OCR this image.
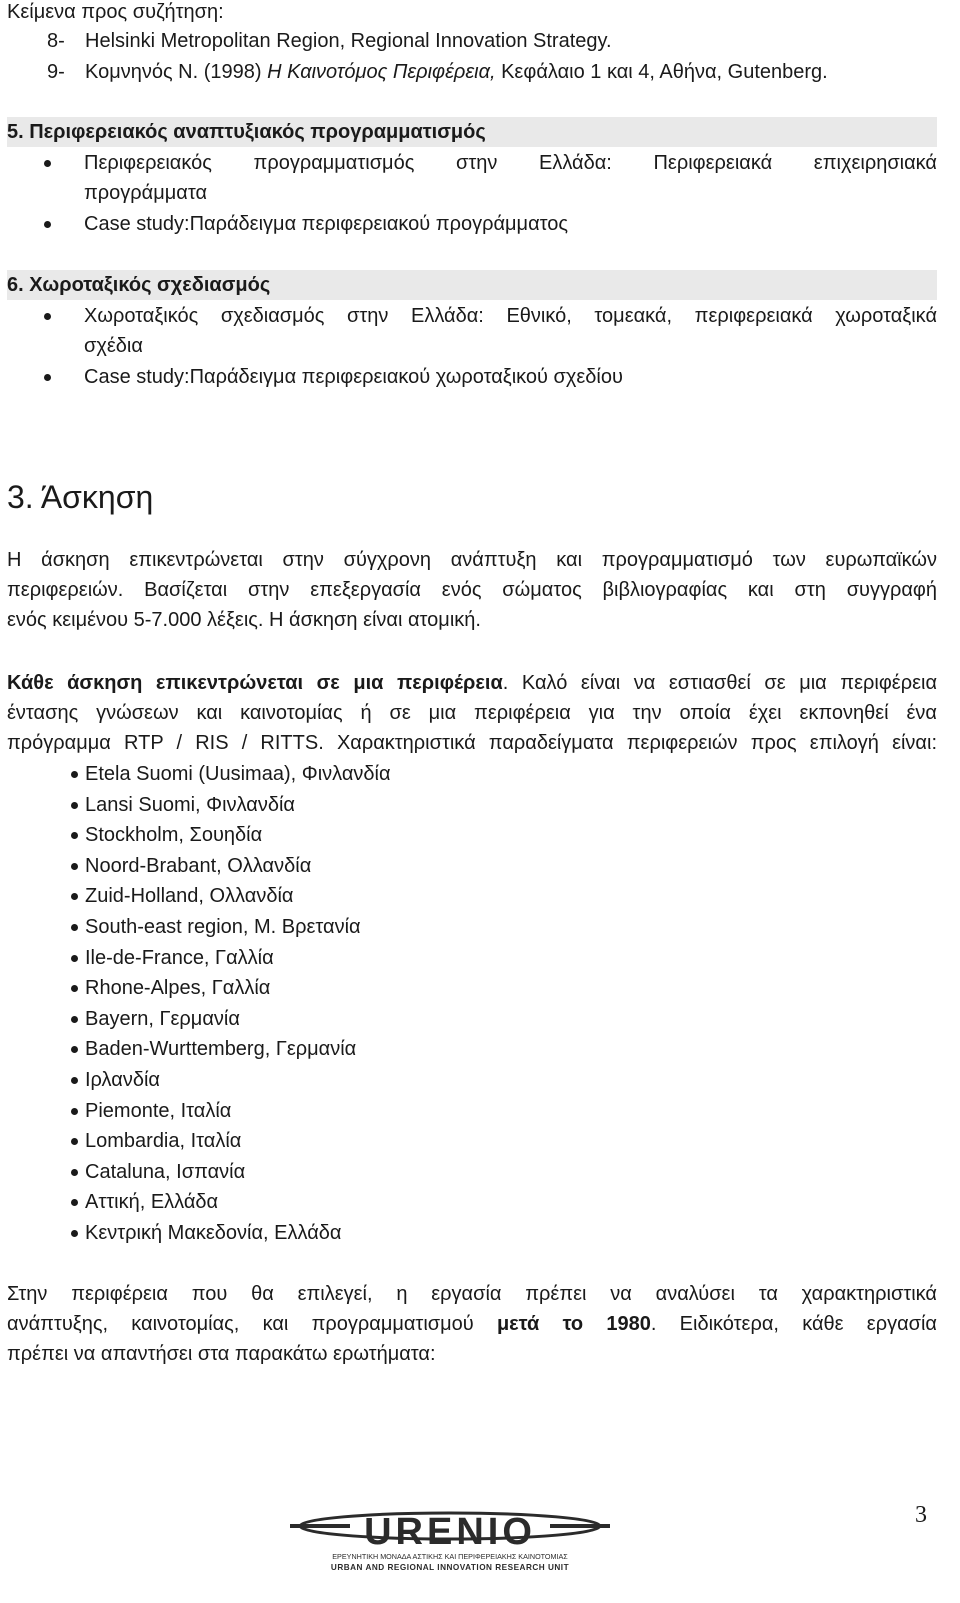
Κείμενα προς συζήτηση:
8- Helsinki Metropolitan Region, Regional Innovation Strategy.
9- Κομνηνός Ν. (1998) Η Καινοτόμος Περιφέρεια, Κεφάλαιο 1 και 4, Αθήνα, Gutenberg.
5. Περιφερειακός αναπτυξιακός προγραμματισμός
Περιφερειακός προγραμματισμός στην Ελλάδα: Περιφερειακά επιχειρησιακά
προγράμματα
Case study:Παράδειγμα περιφερειακού προγράμματος
6. Χωροταξικός σχεδιασμός
Χωροταξικός σχεδιασμός στην Ελλάδα: Εθνικό, τομεακά, περιφερειακά χωροταξικά
σχέδια
Case study:Παράδειγμα περιφερειακού χωροταξικού σχεδίου
3. Άσκηση
Η άσκηση επικεντρώνεται στην σύγχρονη ανάπτυξη και προγραμματισμό των ευρωπαϊκών
περιφερειών. Βασίζεται στην επεξεργασία ενός σώματος βιβλιογραφίας και στη συγγραφή
ενός κειμένου 5-7.000 λέξεις. Η άσκηση είναι ατομική.
Κάθε άσκηση επικεντρώνεται σε μια περιφέρεια. Καλό είναι να εστιασθεί σε μια περιφέρεια
έντασης γνώσεων και καινοτομίας ή σε μια περιφέρεια για την οποία έχει εκπονηθεί ένα
πρόγραμμα RTP / RIS / RITTS. Χαρακτηριστικά παραδείγματα περιφερειών προς επιλογή είναι:
Etela Suomi (Uusimaa), Φινλανδία
Lansi Suomi, Φινλανδία
Stockholm, Σουηδία
Noord-Brabant, Ολλανδία
Zuid-Holland, Ολλανδία
South-east region, Μ. Βρετανία
Ile-de-France, Γαλλία
Rhone-Alpes, Γαλλία
Bayern, Γερμανία
Baden-Wurttemberg, Γερμανία
Ιρλανδία
Piemonte, Ιταλία
Lombardia, Ιταλία
Cataluna, Ισπανία
Αττική, Ελλάδα
Κεντρική Μακεδονία, Ελλάδα
Στην περιφέρεια που θα επιλεγεί, η εργασία πρέπει να αναλύσει τα χαρακτηριστικά
ανάπτυξης, καινοτομίας, και προγραμματισμού μετά το 1980. Ειδικότερα, κάθε εργασία
πρέπει να απαντήσει στα παρακάτω ερωτήματα:
URENIO
ΕΡΕΥΝΗΤΙΚΗ ΜΟΝΑΔΑ ΑΣΤΙΚΗΣ ΚΑΙ ΠΕΡΙΦΕΡΕΙΑΚΗΣ ΚΑΙΝΟΤΟΜΙΑΣ
URBAN AND REGIONAL INNOVATION RESEARCH UNIT
3
